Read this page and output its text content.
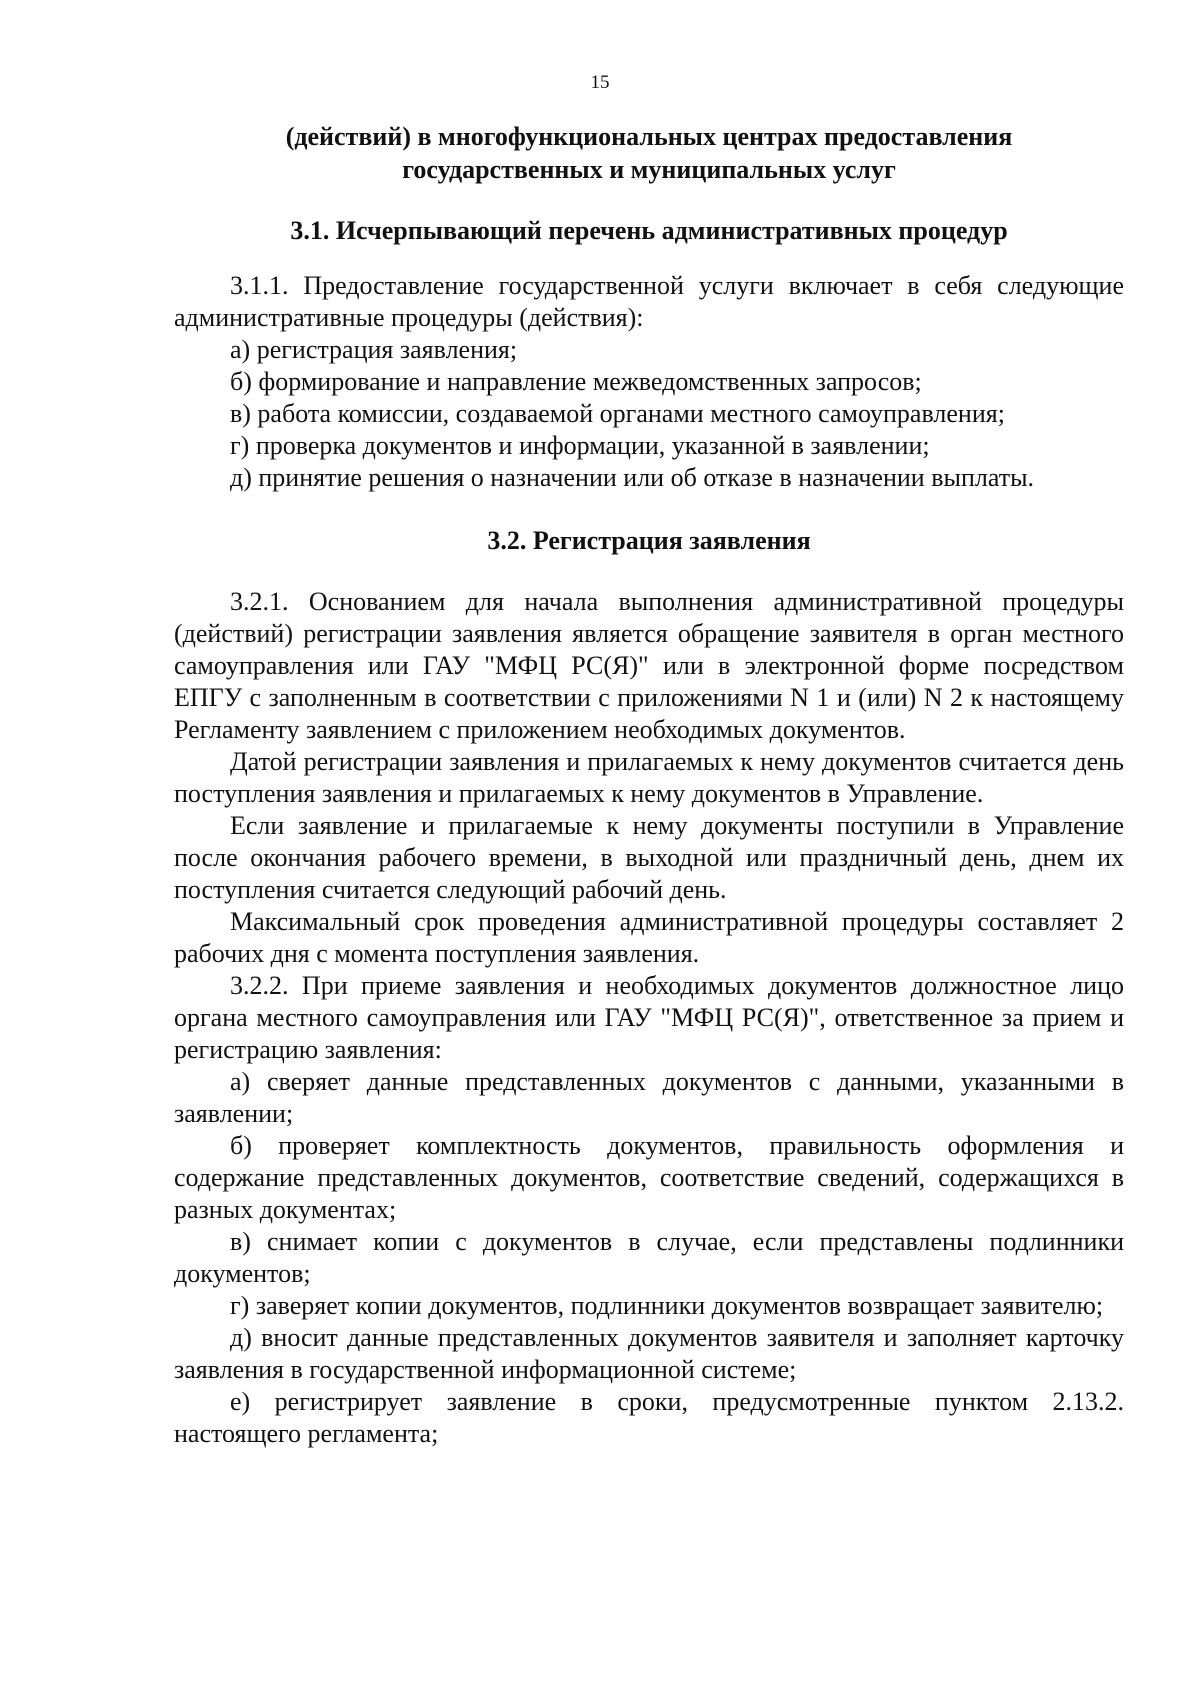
15
(действий) в многофункциональных центрах предоставления
государственных и муниципальных услуг
3.1. Исчерпывающий перечень административных процедур

3.1.1. Предоставление государственной услуги включает в себя следующие административные процедуры (действия):

а) регистрация заявления;

б) формирование и направление межведомственных запросов;

в) работа комиссии, создаваемой органами местного самоуправления;

г) проверка документов и информации, указанной в заявлении;

д) принятие решения о назначении или об отказе в назначении выплаты.

3.2. Регистрация заявления

3.2.1. Основанием для начала выполнения административной процедуры (действий) регистрации заявления является обращение заявителя в орган местного самоуправления или ГАУ "МФЦ РС(Я)" или в электронной форме посредством ЕПГУ с заполненным в соответствии с приложениями N 1 и (или) N 2 к настоящему Регламенту заявлением с приложением необходимых документов.

Датой регистрации заявления и прилагаемых к нему документов считается день поступления заявления и прилагаемых к нему документов в Управление.

Если заявление и прилагаемые к нему документы поступили в Управление после окончания рабочего времени, в выходной или праздничный день, днем их поступления считается следующий рабочий день.

Максимальный срок проведения административной процедуры составляет 2 рабочих дня с момента поступления заявления.

3.2.2. При приеме заявления и необходимых документов должностное лицо органа местного самоуправления или ГАУ "МФЦ РС(Я)", ответственное за прием и регистрацию заявления:

а) сверяет данные представленных документов с данными, указанными в заявлении;

б) проверяет комплектность документов, правильность оформления и содержание представленных документов, соответствие сведений, содержащихся в разных документах;

в) снимает копии с документов в случае, если представлены подлинники документов;

г) заверяет копии документов, подлинники документов возвращает заявителю;

д) вносит данные представленных документов заявителя и заполняет карточку заявления в государственной информационной системе;

е) регистрирует заявление в сроки, предусмотренные пунктом 2.13.2. настоящего регламента;
